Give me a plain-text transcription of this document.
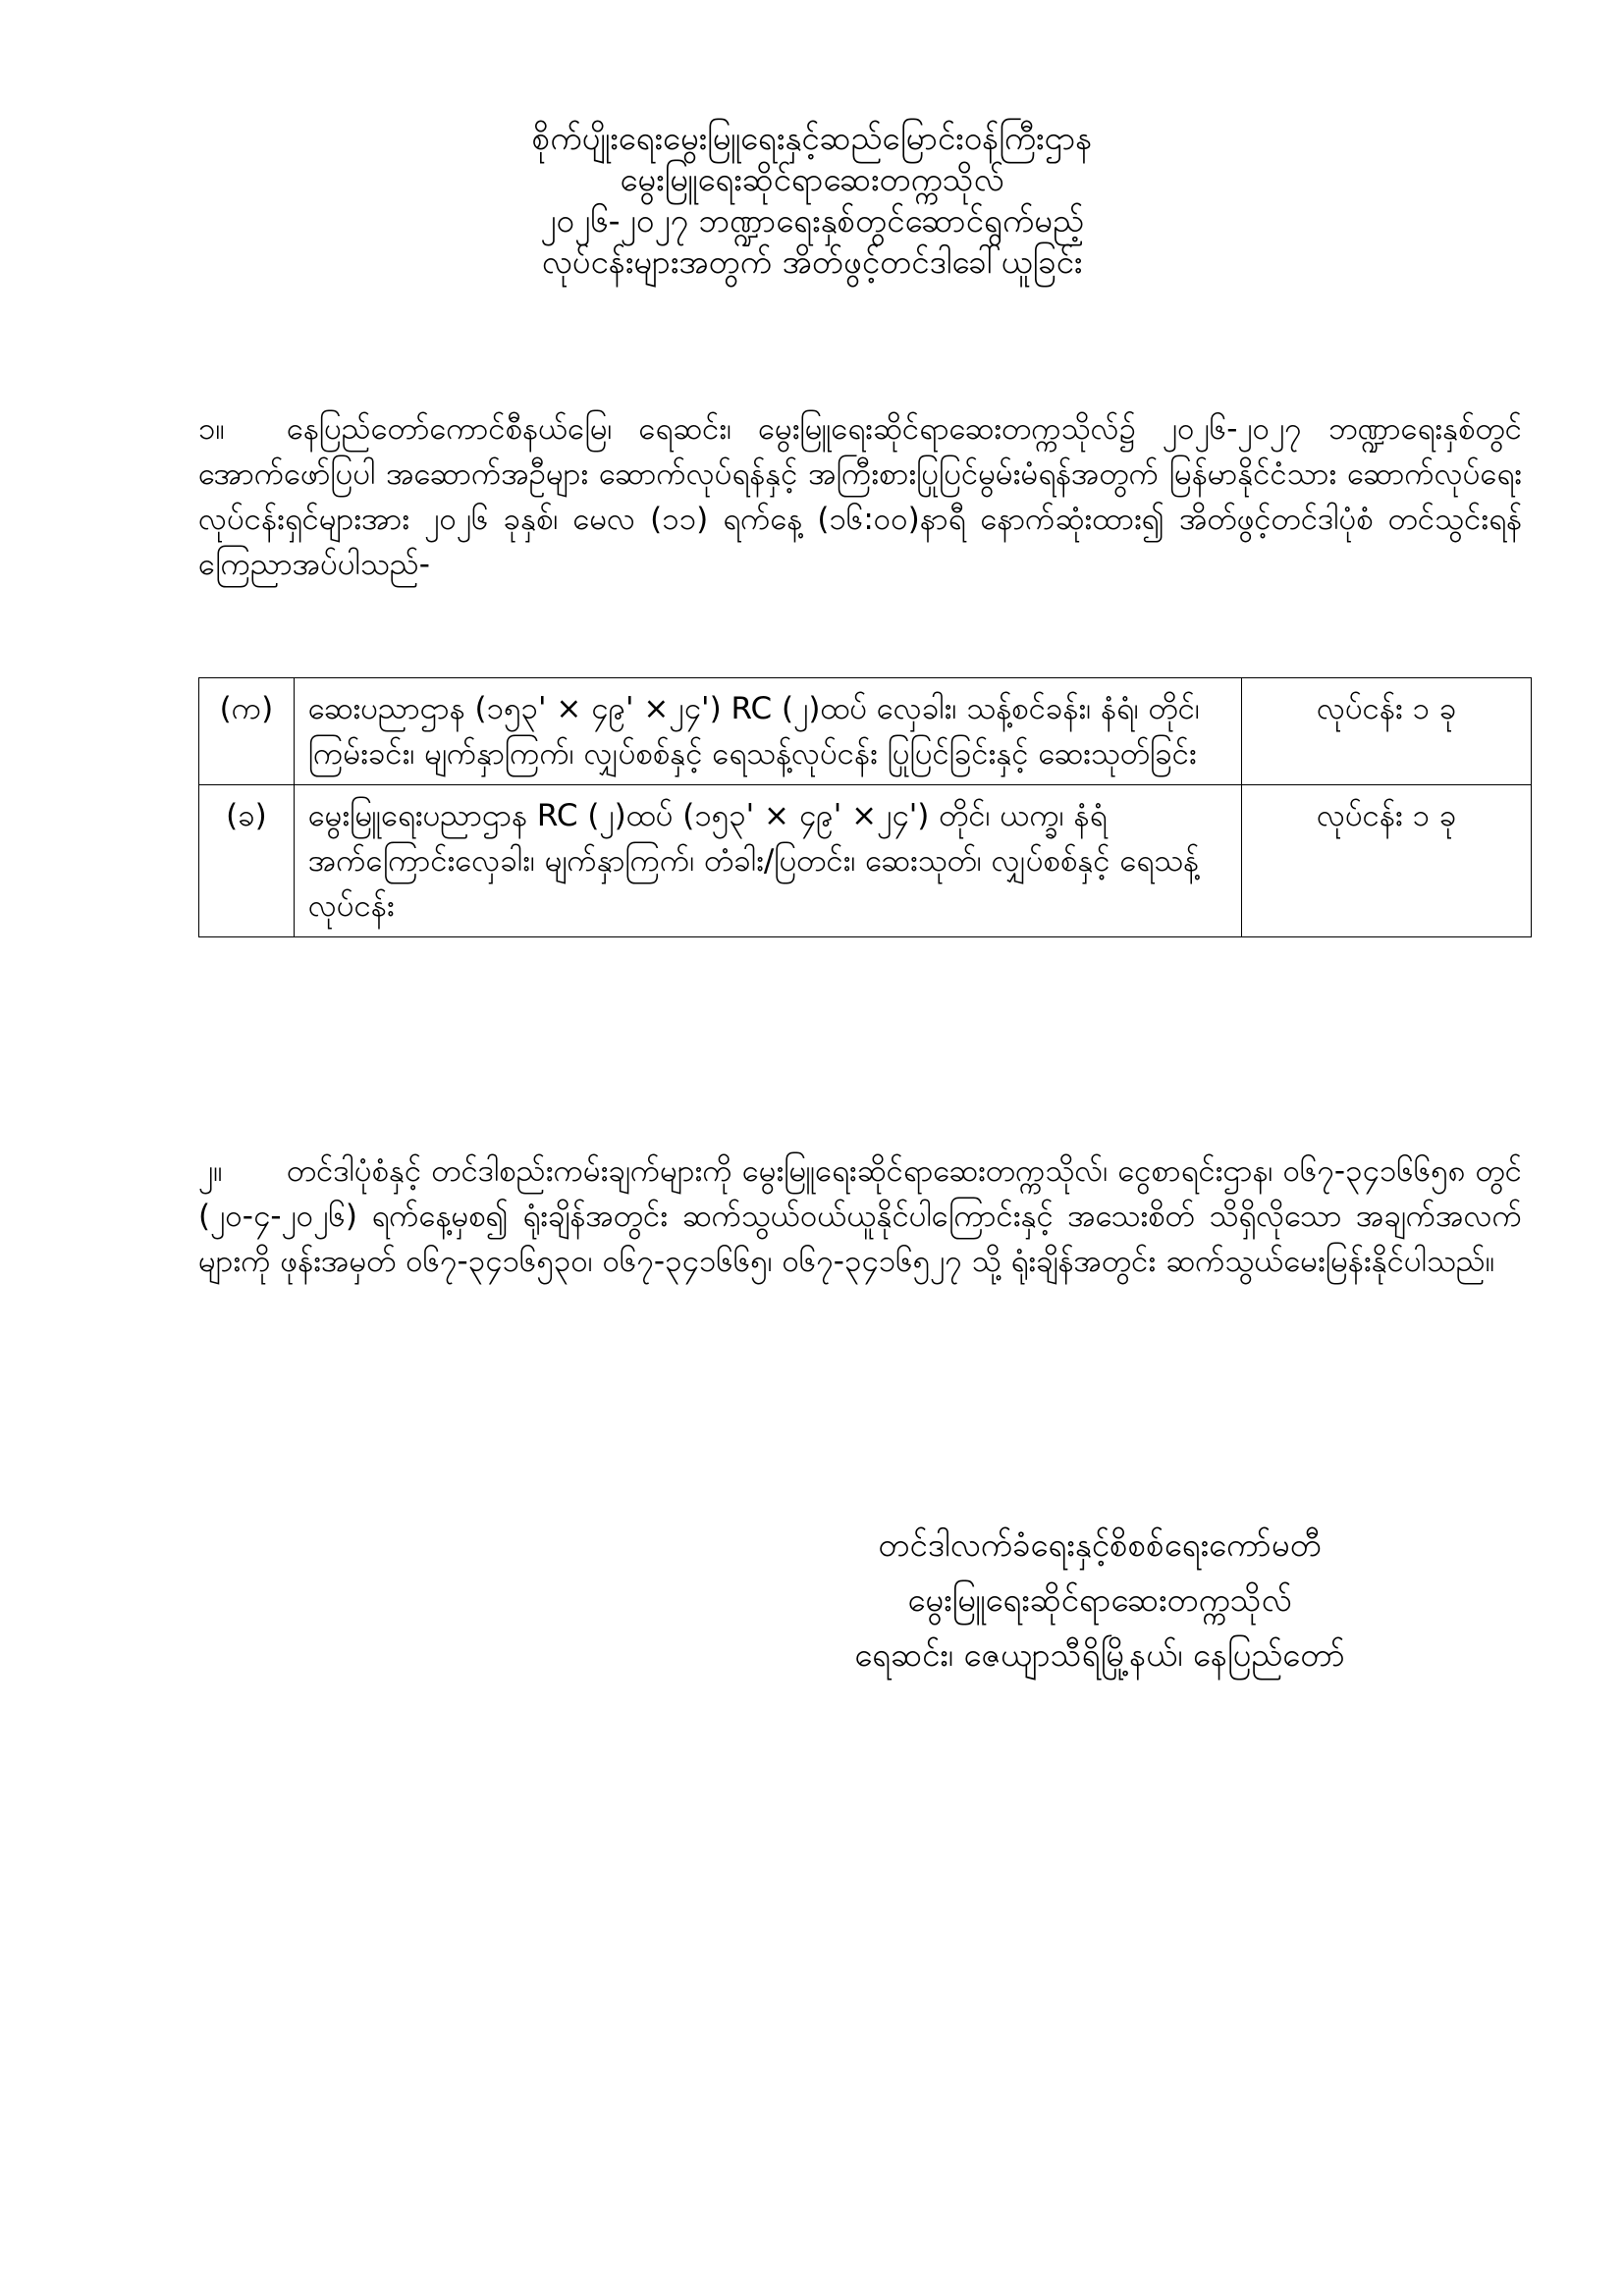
စိုက်ပျိုးရေးမွေးမြူရေးနှင့်ဆည်မြောင်းဝန်ကြီးဌာန
မွေးမြူရေးဆိုင်ရာဆေးတက္ကသိုလ်
၂၀၂၆-၂၀၂၇ ဘဏ္ဍာရေးနှစ်တွင်ဆောင်ရွက်မည့်
လုပ်ငန်းများအတွက် အိတ်ဖွင့်တင်ဒါခေါ်ယူခြင်း
၁။ နေပြည်တော်ကောင်စီနယ်မြေ၊ ရေဆင်း၊ မွေးမြူရေးဆိုင်ရာဆေးတက္ကသိုလ်၌ ၂၀၂၆-၂၀၂၇ ဘဏ္ဍာရေးနှစ်တွင် အောက်ဖော်ပြပါ အဆောက်အဦများ ဆောက်လုပ်ရန်နှင့် အကြီးစားပြုပြင်မွမ်းမံရန်အတွက် မြန်မာနိုင်ငံသား ဆောက်လုပ်ရေးလုပ်ငန်းရှင်များအား ၂၀၂၆ ခုနှစ်၊ မေလ (၁၁) ရက်နေ့ (၁၆:၀၀)နာရီ နောက်ဆုံးထား၍ အိတ်ဖွင့်တင်ဒါပုံစံ တင်သွင်းရန် ကြေညာအပ်ပါသည်-
(က)	ဆေးပညာဌာန (၁၅၃' × ၄၉' ×၂၄') RC (၂)ထပ် လှေခါး၊ သန့်စင်ခန်း၊ နံရံ၊ တိုင်၊ ကြမ်းခင်း၊ မျက်နှာကြက်၊ လျှပ်စစ်နှင့် ရေသန့်လုပ်ငန်း ပြုပြင်ခြင်းနှင့် ဆေးသုတ်ခြင်း	လုပ်ငန်း ၁ ခု
(ခ)	မွေးမြူရေးပညာဌာန RC (၂)ထပ် (၁၅၃' × ၄၉' ×၂၄') တိုင်၊ ယက္ခ၊ နံရံအက်ကြောင်းလှေခါး၊ မျက်နှာကြက်၊ တံခါး/ပြတင်း၊ ဆေးသုတ်၊ လျှပ်စစ်နှင့် ရေသန့်လုပ်ငန်း	လုပ်ငန်း ၁ ခု
၂။ တင်ဒါပုံစံနှင့် တင်ဒါစည်းကမ်းချက်များကို မွေးမြူရေးဆိုင်ရာဆေးတက္ကသိုလ်၊ ငွေစာရင်းဌာန၊ ၀၆၇-၃၄၁၆၆၅၈ တွင် (၂၀-၄-၂၀၂၆) ရက်နေ့မှစ၍ ရုံးချိန်အတွင်း ဆက်သွယ်ဝယ်ယူနိုင်ပါကြောင်းနှင့် အသေးစိတ် သိရှိလိုသော အချက်အလက်များကို ဖုန်းအမှတ် ၀၆၇-၃၄၁၆၅၃၀၊ ၀၆၇-၃၄၁၆၆၅၊ ၀၆၇-၃၄၁၆၅၂၇ သို့ ရုံးချိန်အတွင်း ဆက်သွယ်မေးမြန်းနိုင်ပါသည်။
တင်ဒါလက်ခံရေးနှင့်စိစစ်ရေးကော်မတီ
မွေးမြူရေးဆိုင်ရာဆေးတက္ကသိုလ်
ရေဆင်း၊ ဇေယျာသီရိမြို့နယ်၊ နေပြည်တော်
